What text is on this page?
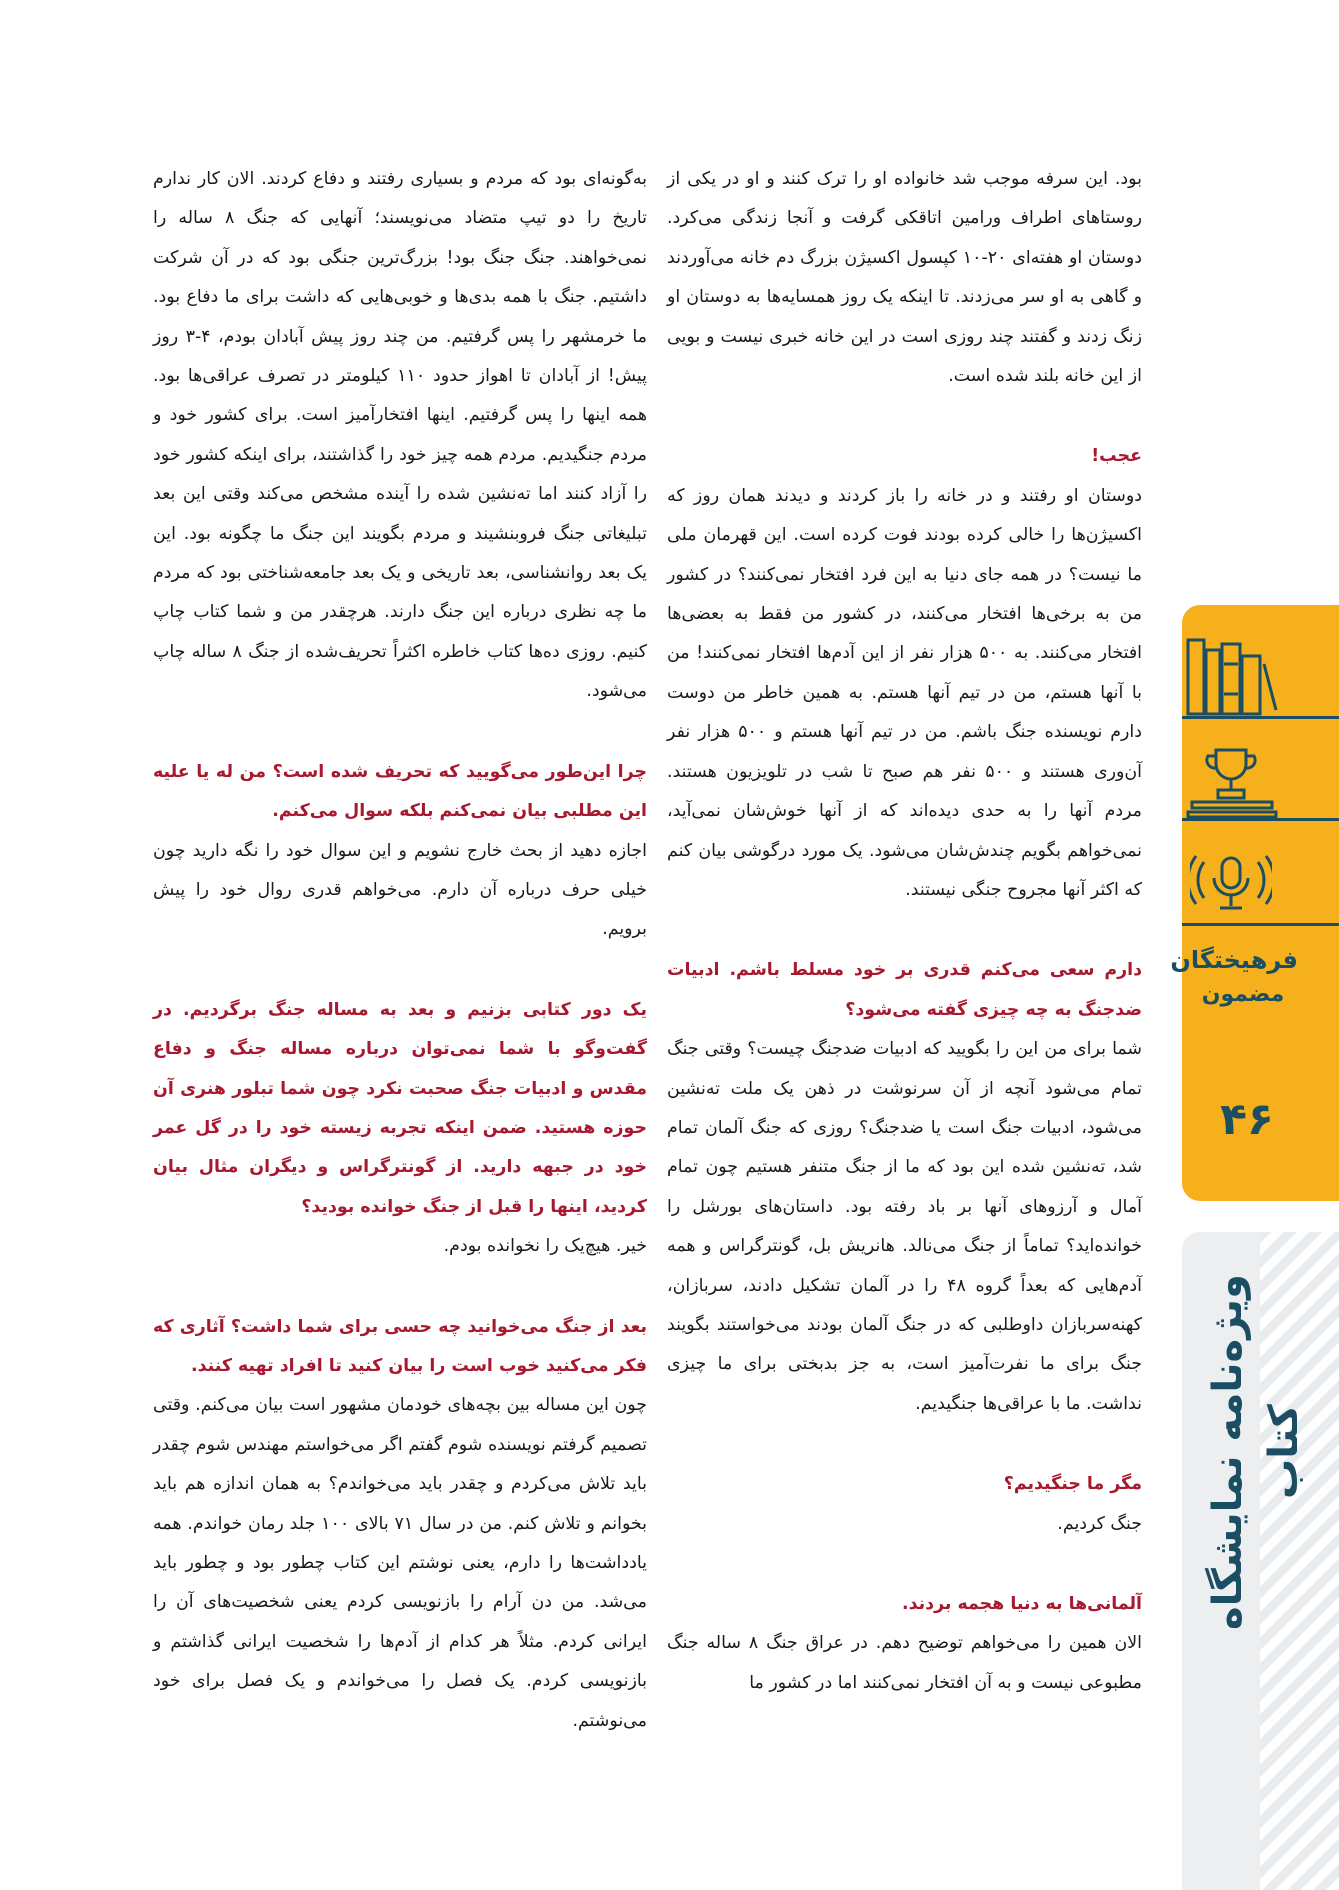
بود. این سرفه موجب شد خانواده او را ترک کنند و او در یکی از روستاهای اطراف ورامین اتاقکی گرفت و آنجا زندگی می‌کرد. دوستان او هفته‌ای ۲۰-۱۰ کپسول اکسیژن بزرگ دم خانه می‌آوردند و گاهی به او سر می‌زدند. تا اینکه یک روز همسایه‌ها به دوستان او زنگ زدند و گفتند چند روزی است در این خانه خبری نیست و بویی از این خانه بلند شده است.

عجب!

دوستان او رفتند و در خانه را باز کردند و دیدند همان روز که اکسیژن‌ها را خالی کرده بودند فوت کرده است. این قهرمان ملی ما نیست؟ در همه جای دنیا به این فرد افتخار نمی‌کنند؟ در کشور من به برخی‌ها افتخار می‌کنند، در کشور من فقط به بعضی‌ها افتخار می‌کنند. به ۵۰۰ هزار نفر از این آدم‌ها افتخار نمی‌کنند! من با آنها هستم، من در تیم آنها هستم. به همین خاطر من دوست دارم نویسنده جنگ باشم. من در تیم آنها هستم و ۵۰۰ هزار نفر آن‌وری هستند و ۵۰۰ نفر هم صبح تا شب در تلویزیون هستند. مردم آنها را به حدی دیده‌اند که از آنها خوش‌شان نمی‌آید، نمی‌خواهم بگویم چندش‌شان می‌شود. یک مورد درگوشی بیان کنم که اکثر آنها مجروح جنگی نیستند.

دارم سعی می‌کنم قدری بر خود مسلط باشم. ادبیات ضدجنگ به چه چیزی گفته می‌شود؟

شما برای من این را بگویید که ادبیات ضدجنگ چیست؟ وقتی جنگ تمام می‌شود آنچه از آن سرنوشت در ذهن یک ملت ته‌نشین می‌شود، ادبیات جنگ است یا ضدجنگ؟ روزی که جنگ آلمان تمام شد، ته‌نشین شده این بود که ما از جنگ متنفر هستیم چون تمام آمال و آرزوهای آنها بر باد رفته بود. داستان‌های بورشل را خوانده‌اید؟ تماماً از جنگ می‌نالد. هانریش بل، گونترگراس و همه آدم‌هایی که بعداً گروه ۴۸ را در آلمان تشکیل دادند، سربازان، کهنه‌سربازان داوطلبی که در جنگ آلمان بودند می‌خواستند بگویند جنگ برای ما نفرت‌آمیز است، به جز بدبختی برای ما چیزی نداشت. ما با عراقی‌ها جنگیدیم.

مگر ما جنگیدیم؟

جنگ کردیم.

آلمانی‌ها به دنیا هجمه بردند.

الان همین را می‌خواهم توضیح دهم. در عراق جنگ ۸ ساله جنگ مطبوعی نیست و به آن افتخار نمی‌کنند اما در کشور ما

به‌گونه‌ای بود که مردم و بسیاری رفتند و دفاع کردند. الان کار ندارم تاریخ را دو تیپ متضاد می‌نویسند؛ آنهایی که جنگ ۸ ساله را نمی‌خواهند. جنگ جنگ بود! بزرگ‌ترین جنگی بود که در آن شرکت داشتیم. جنگ با همه بدی‌ها و خوبی‌هایی که داشت برای ما دفاع بود. ما خرمشهر را پس گرفتیم. من چند روز پیش آبادان بودم، ۴-۳ روز پیش! از آبادان تا اهواز حدود ۱۱۰ کیلومتر در تصرف عراقی‌ها بود. همه اینها را پس گرفتیم. اینها افتخارآمیز است. برای کشور خود و مردم جنگیدیم. مردم همه چیز خود را گذاشتند، برای اینکه کشور خود را آزاد کنند اما ته‌نشین شده را آینده مشخص می‌کند وقتی این بعد تبلیغاتی جنگ فروبنشیند و مردم بگویند این جنگ ما چگونه بود. این یک بعد روانشناسی، بعد تاریخی و یک بعد جامعه‌شناختی بود که مردم ما چه نظری درباره این جنگ دارند. هرچقدر من و شما کتاب چاپ کنیم. روزی ده‌ها کتاب خاطره اکثراً تحریف‌شده از جنگ ۸ ساله چاپ می‌شود.

چرا این‌طور می‌گویید که تحریف شده است؟ من له یا علیه این مطلبی بیان نمی‌کنم بلکه سوال می‌کنم.

اجازه دهید از بحث خارج نشویم و این سوال خود را نگه دارید چون خیلی حرف درباره آن دارم. می‌خواهم قدری روال خود را پیش برویم.

یک دور کتابی بزنیم و بعد به مساله جنگ برگردیم. در گفت‌وگو با شما نمی‌توان درباره مساله جنگ و دفاع مقدس و ادبیات جنگ صحبت نکرد چون شما تبلور هنری آن حوزه هستید. ضمن اینکه تجربه زیسته خود را در گل عمر خود در جبهه دارید. از گونترگراس و دیگران مثال بیان کردید، اینها را قبل از جنگ خوانده بودید؟

خیر. هیچ‌یک را نخوانده بودم.

بعد از جنگ می‌خوانید چه حسی برای شما داشت؟ آثاری که فکر می‌کنید خوب است را بیان کنید تا افراد تهیه کنند.

چون این مساله بین بچه‌های خودمان مشهور است بیان می‌کنم. وقتی تصمیم گرفتم نویسنده شوم گفتم اگر می‌خواستم مهندس شوم چقدر باید تلاش می‌کردم و چقدر باید می‌خواندم؟ به همان اندازه هم باید بخوانم و تلاش کنم. من در سال ۷۱ بالای ۱۰۰ جلد رمان خواندم. همه یادداشت‌ها را دارم، یعنی نوشتم این کتاب چطور بود و چطور باید می‌شد. من دن آرام را بازنویسی کردم یعنی شخصیت‌های آن را ایرانی کردم. مثلاً هر کدام از آدم‌ها را شخصیت ایرانی گذاشتم و بازنویسی کردم. یک فصل را می‌خواندم و یک فصل برای خود می‌نوشتم.

فرهیختگان
مضمون
۴۶
ویژه‌نامه نمایشگاه کتاب
